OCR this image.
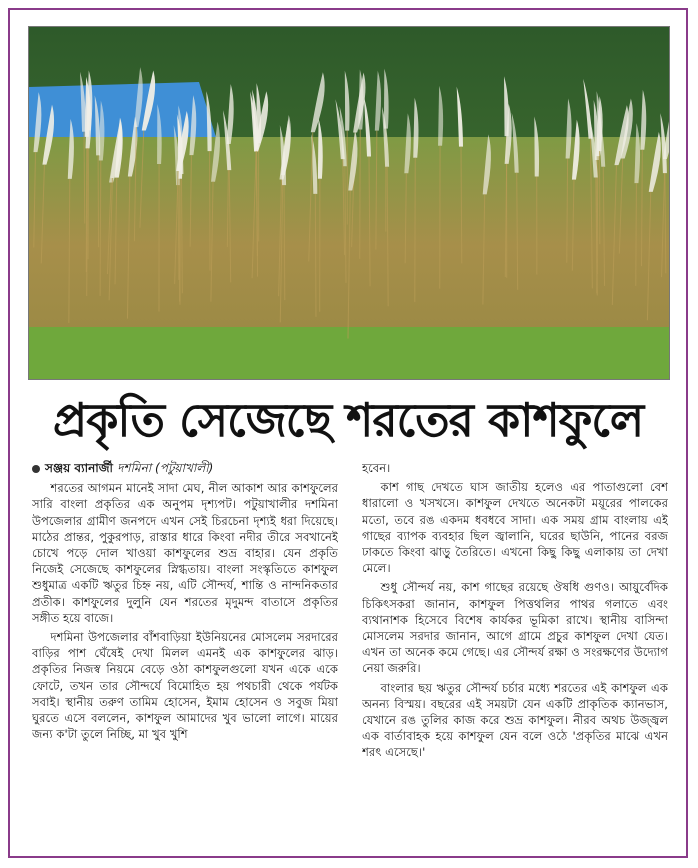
প্রকৃতি সেজেছে শরতের কাশফুলে
সঞ্জয় ব্যানার্জী দশমিনা (পটুয়াখালী)

শরতের আগমন মানেই সাদা মেঘ, নীল আকাশ আর কাশফুলের সারি বাংলা প্রকৃতির এক অনুপম দৃশ্যপট। পটুয়াখালীর দশমিনা উপজেলার গ্রামীণ জনপদে এখন সেই চিরচেনা দৃশ্যই ধরা দিয়েছে। মাঠের প্রান্তর, পুকুরপাড়, রাস্তার ধারে কিংবা নদীর তীরে সবখানেই চোখে পড়ে দোল খাওয়া কাশফুলের শুভ্র বাহার। যেন প্রকৃতি নিজেই সেজেছে কাশফুলের স্নিগ্ধতায়। বাংলা সংস্কৃতিতে কাশফুল শুধুমাত্র একটি ঋতুর চিহ্ন নয়, এটি সৌন্দর্য, শান্তি ও নান্দনিকতার প্রতীক। কাশফুলের দুলুনি যেন শরতের মৃদুমন্দ বাতাসে প্রকৃতির সঙ্গীত হয়ে বাজে।

দশমিনা উপজেলার বাঁশবাড়িয়া ইউনিয়নের মোসলেম সরদারের বাড়ির পাশ ঘেঁষেই দেখা মিলল এমনই এক কাশফুলের ঝাড়। প্রকৃতির নিজস্ব নিয়মে বেড়ে ওঠা কাশফুলগুলো যখন একে একে ফোটে, তখন তার সৌন্দর্যে বিমোহিত হয় পথচারী থেকে পর্যটক সবাই। স্থানীয় তরুণ তামিম হোসেন, ইমাম হোসেন ও সবুজ মিয়া ঘুরতে এসে বললেন, কাশফুল আমাদের খুব ভালো লাগে। মায়ের জন্য ক'টা তুলে নিচ্ছি, মা খুব খুশি

হবেন।

কাশ গাছ দেখতে ঘাস জাতীয় হলেও এর পাতাগুলো বেশ ধারালো ও খসখসে। কাশফুল দেখতে অনেকটা ময়ূরের পালকের মতো, তবে রঙ একদম ধবধবে সাদা। এক সময় গ্রাম বাংলায় এই গাছের ব্যাপক ব্যবহার ছিল জ্বালানি, ঘরের ছাউনি, পানের বরজ ঢাকতে কিংবা ঝাড়ু তৈরিতে। এখনো কিছু কিছু এলাকায় তা দেখা মেলে।

শুধু সৌন্দর্য নয়, কাশ গাছের রয়েছে ঔষধি গুণও। আয়ুর্বেদিক চিকিৎসকরা জানান, কাশফুল পিত্তথলির পাথর গলাতে এবং ব্যথানাশক হিসেবে বিশেষ কার্যকর ভূমিকা রাখে। স্থানীয় বাসিন্দা মোসলেম সরদার জানান, আগে গ্রামে প্রচুর কাশফুল দেখা যেত। এখন তা অনেক কমে গেছে। এর সৌন্দর্য রক্ষা ও সংরক্ষণের উদ্যোগ নেয়া জরুরি।

বাংলার ছয় ঋতুর সৌন্দর্য চর্চার মধ্যে শরতের এই কাশফুল এক অনন্য বিস্ময়। বছরের এই সময়টা যেন একটি প্রাকৃতিক ক্যানভাস, যেখানে রঙ তুলির কাজ করে শুভ্র কাশফুল। নীরব অথচ উজ্জ্বল এক বার্তাবাহক হয়ে কাশফুল যেন বলে ওঠে 'প্রকৃতির মাঝে এখন শরৎ এসেছে।'
